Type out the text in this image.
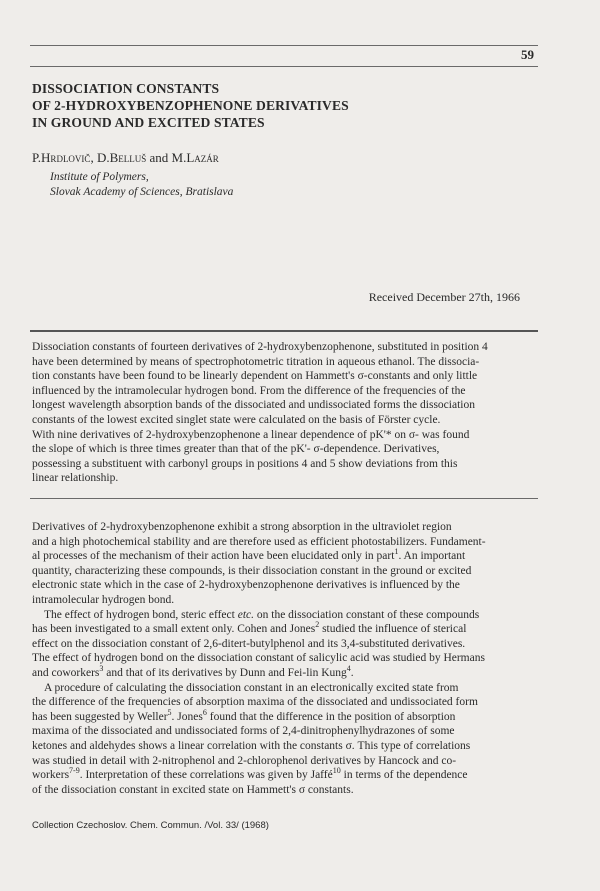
59
DISSOCIATION CONSTANTS
OF 2-HYDROXYBENZOPHENONE DERIVATIVES
IN GROUND AND EXCITED STATES
P.Hrdlovič, D.Belluš and M.Lazár
Institute of Polymers,
Slovak Academy of Sciences, Bratislava
Received December 27th, 1966
Dissociation constants of fourteen derivatives of 2-hydroxybenzophenone, substituted in position 4
have been determined by means of spectrophotometric titration in aqueous ethanol. The dissocia-
tion constants have been found to be linearly dependent on Hammett's σ-constants and only little
influenced by the intramolecular hydrogen bond. From the difference of the frequencies of the
longest wavelength absorption bands of the dissociated and undissociated forms the dissociation
constants of the lowest excited singlet state were calculated on the basis of Förster cycle.
With nine derivatives of 2-hydroxybenzophenone a linear dependence of pK'* on σ- was found
the slope of which is three times greater than that of the pK'- σ-dependence. Derivatives,
possessing a substituent with carbonyl groups in positions 4 and 5 show deviations from this
linear relationship.
Derivatives of 2-hydroxybenzophenone exhibit a strong absorption in the ultraviolet region
and a high photochemical stability and are therefore used as efficient photostabilizers. Fundament-
al processes of the mechanism of their action have been elucidated only in part$^1$. An important
quantity, characterizing these compounds, is their dissociation constant in the ground or excited
electronic state which in the case of 2-hydroxybenzophenone derivatives is influenced by the
intramolecular hydrogen bond.
The effect of hydrogen bond, steric effect etc. on the dissociation constant of these compounds
has been investigated to a small extent only. Cohen and Jones$^2$ studied the influence of sterical
effect on the dissociation constant of 2,6-ditert-butylphenol and its 3,4-substituted derivatives.
The effect of hydrogen bond on the dissociation constant of salicylic acid was studied by Hermans
and coworkers$^3$ and that of its derivatives by Dunn and Fei-lin Kung$^4$.
A procedure of calculating the dissociation constant in an electronically excited state from
the difference of the frequencies of absorption maxima of the dissociated and undissociated form
has been suggested by Weller$^5$. Jones$^6$ found that the difference in the position of absorption
maxima of the dissociated and undissociated forms of 2,4-dinitrophenylhydrazones of some
ketones and aldehydes shows a linear correlation with the constants σ. This type of correlations
was studied in detail with 2-nitrophenol and 2-chlorophenol derivatives by Hancock and co-
workers$^{7-9}$. Interpretation of these correlations was given by Jaffé$^{10}$ in terms of the dependence
of the dissociation constant in excited state on Hammett's σ constants.
Collection Czechoslov. Chem. Commun. /Vol. 33/ (1968)
